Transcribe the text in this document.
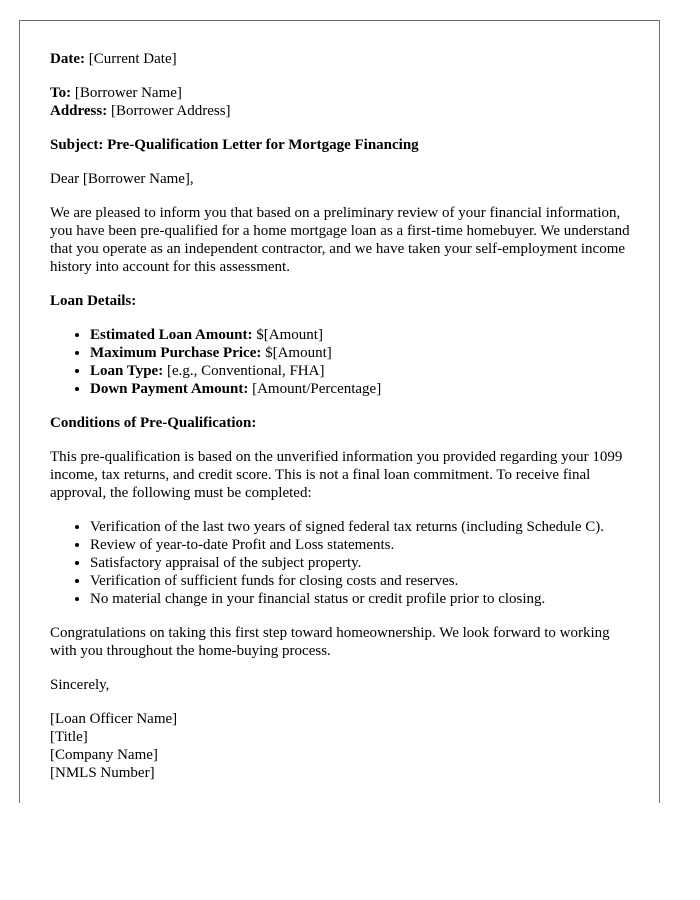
Date: [Current Date]

To: [Borrower Name]
Address: [Borrower Address]

Subject: Pre-Qualification Letter for Mortgage Financing

Dear [Borrower Name],

We are pleased to inform you that based on a preliminary review of your financial information, you have been pre-qualified for a home mortgage loan as a first-time homebuyer. We understand that you operate as an independent contractor, and we have taken your self-employment income history into account for this assessment.

Loan Details:

• Estimated Loan Amount: $[Amount]
• Maximum Purchase Price: $[Amount]
• Loan Type: [e.g., Conventional, FHA]
• Down Payment Amount: [Amount/Percentage]

Conditions of Pre-Qualification:

This pre-qualification is based on the unverified information you provided regarding your 1099 income, tax returns, and credit score. This is not a final loan commitment. To receive final approval, the following must be completed:

• Verification of the last two years of signed federal tax returns (including Schedule C).
• Review of year-to-date Profit and Loss statements.
• Satisfactory appraisal of the subject property.
• Verification of sufficient funds for closing costs and reserves.
• No material change in your financial status or credit profile prior to closing.

Congratulations on taking this first step toward homeownership. We look forward to working with you throughout the home-buying process.

Sincerely,

[Loan Officer Name]
[Title]
[Company Name]
[NMLS Number]
